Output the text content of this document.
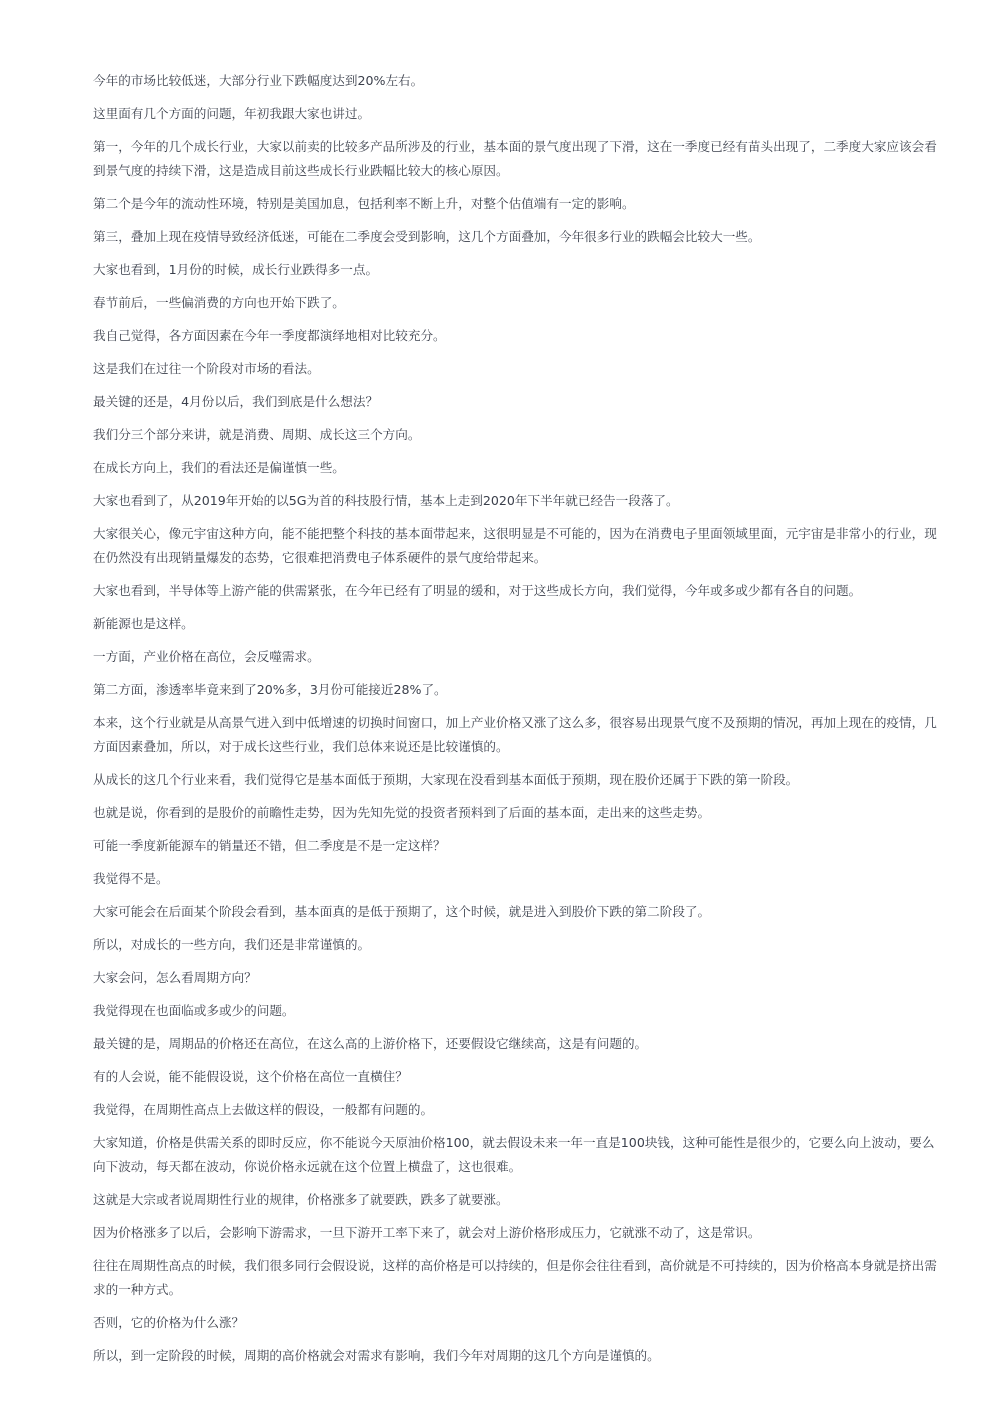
今年的市场比较低迷，大部分行业下跌幅度达到20%左右。

这里面有几个方面的问题，年初我跟大家也讲过。

第一，今年的几个成长行业，大家以前卖的比较多产品所涉及的行业，基本面的景气度出现了下滑，这在一季度已经有苗头出现了，二季度大家应该会看到景气度的持续下滑，这是造成目前这些成长行业跌幅比较大的核心原因。

第二个是今年的流动性环境，特别是美国加息，包括利率不断上升，对整个估值端有一定的影响。

第三，叠加上现在疫情导致经济低迷，可能在二季度会受到影响，这几个方面叠加，今年很多行业的跌幅会比较大一些。

大家也看到，1月份的时候，成长行业跌得多一点。

春节前后，一些偏消费的方向也开始下跌了。

我自己觉得，各方面因素在今年一季度都演绎地相对比较充分。

这是我们在过往一个阶段对市场的看法。

最关键的还是，4月份以后，我们到底是什么想法？

我们分三个部分来讲，就是消费、周期、成长这三个方向。

在成长方向上，我们的看法还是偏谨慎一些。

大家也看到了，从2019年开始的以5G为首的科技股行情，基本上走到2020年下半年就已经告一段落了。

大家很关心，像元宇宙这种方向，能不能把整个科技的基本面带起来，这很明显是不可能的，因为在消费电子里面领域里面，元宇宙是非常小的行业，现在仍然没有出现销量爆发的态势，它很难把消费电子体系硬件的景气度给带起来。

大家也看到，半导体等上游产能的供需紧张，在今年已经有了明显的缓和，对于这些成长方向，我们觉得，今年或多或少都有各自的问题。

新能源也是这样。

一方面，产业价格在高位，会反噬需求。

第二方面，渗透率毕竟来到了20%多，3月份可能接近28%了。

本来，这个行业就是从高景气进入到中低增速的切换时间窗口，加上产业价格又涨了这么多，很容易出现景气度不及预期的情况，再加上现在的疫情，几方面因素叠加，所以，对于成长这些行业，我们总体来说还是比较谨慎的。

从成长的这几个行业来看，我们觉得它是基本面低于预期，大家现在没看到基本面低于预期，现在股价还属于下跌的第一阶段。

也就是说，你看到的是股价的前瞻性走势，因为先知先觉的投资者预料到了后面的基本面，走出来的这些走势。

可能一季度新能源车的销量还不错，但二季度是不是一定这样？

我觉得不是。

大家可能会在后面某个阶段会看到，基本面真的是低于预期了，这个时候，就是进入到股价下跌的第二阶段了。

所以，对成长的一些方向，我们还是非常谨慎的。

大家会问，怎么看周期方向？

我觉得现在也面临或多或少的问题。

最关键的是，周期品的价格还在高位，在这么高的上游价格下，还要假设它继续高，这是有问题的。

有的人会说，能不能假设说，这个价格在高位一直横住？

我觉得，在周期性高点上去做这样的假设，一般都有问题的。

大家知道，价格是供需关系的即时反应，你不能说今天原油价格100，就去假设未来一年一直是100块钱，这种可能性是很少的，它要么向上波动，要么向下波动，每天都在波动，你说价格永远就在这个位置上横盘了，这也很难。

这就是大宗或者说周期性行业的规律，价格涨多了就要跌，跌多了就要涨。

因为价格涨多了以后，会影响下游需求，一旦下游开工率下来了，就会对上游价格形成压力，它就涨不动了，这是常识。

往往在周期性高点的时候，我们很多同行会假设说，这样的高价格是可以持续的，但是你会往往看到，高价就是不可持续的，因为价格高本身就是挤出需求的一种方式。

否则，它的价格为什么涨？

所以，到一定阶段的时候，周期的高价格就会对需求有影响，我们今年对周期的这几个方向是谨慎的。
